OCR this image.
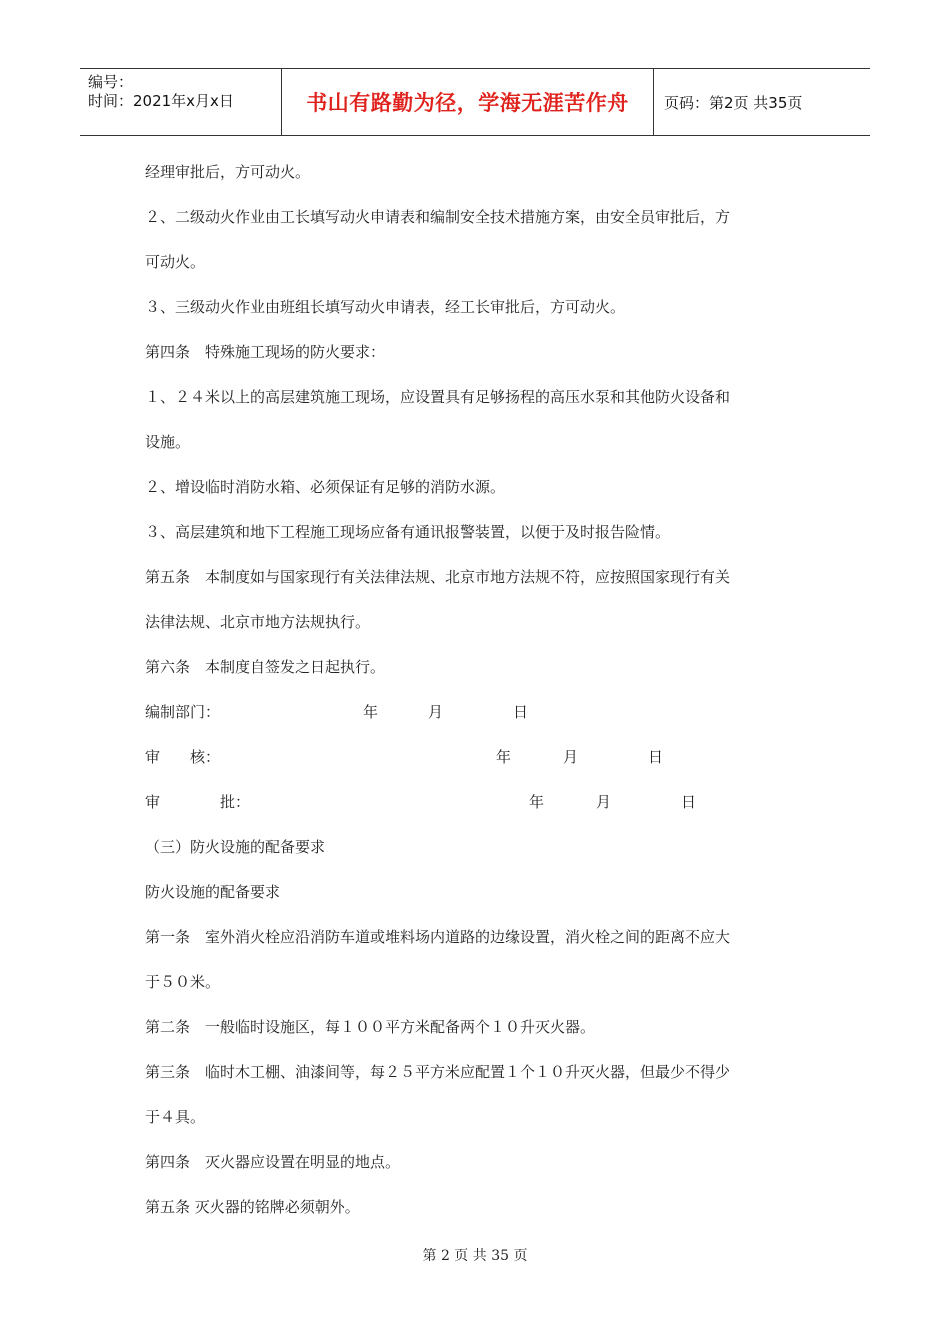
编号：
时间：2021年x月x日	书山有路勤为径，学海无涯苦作舟	页码：第2页 共35页
经理审批后，方可动火。
２、二级动火作业由工长填写动火申请表和编制安全技术措施方案，由安全员审批后，方
可动火。
３、三级动火作业由班组长填写动火申请表，经工长审批后，方可动火。
第四条　特殊施工现场的防火要求：
１、２４米以上的高层建筑施工现场，应设置具有足够扬程的高压水泵和其他防火设备和
设施。
２、增设临时消防水箱、必须保证有足够的消防水源。
３、高层建筑和地下工程施工现场应备有通讯报警装置，以便于及时报告险情。
第五条　本制度如与国家现行有关法律法规、北京市地方法规不符，应按照国家现行有关
法律法规、北京市地方法规执行。
第六条　本制度自签发之日起执行。
编制部门：	年	月	日
审　　核：	年	月	日
审　　　　批：	年	月	日
（三）防火设施的配备要求
防火设施的配备要求
第一条　室外消火栓应沿消防车道或堆料场内道路的边缘设置，消火栓之间的距离不应大
于５０米。
第二条　一般临时设施区，每１００平方米配备两个１０升灭火器。
第三条　临时木工棚、油漆间等，每２５平方米应配置１个１０升灭火器，但最少不得少
于４具。
第四条　灭火器应设置在明显的地点。
第五条 灭火器的铭牌必须朝外。
第 2 页 共 35 页
